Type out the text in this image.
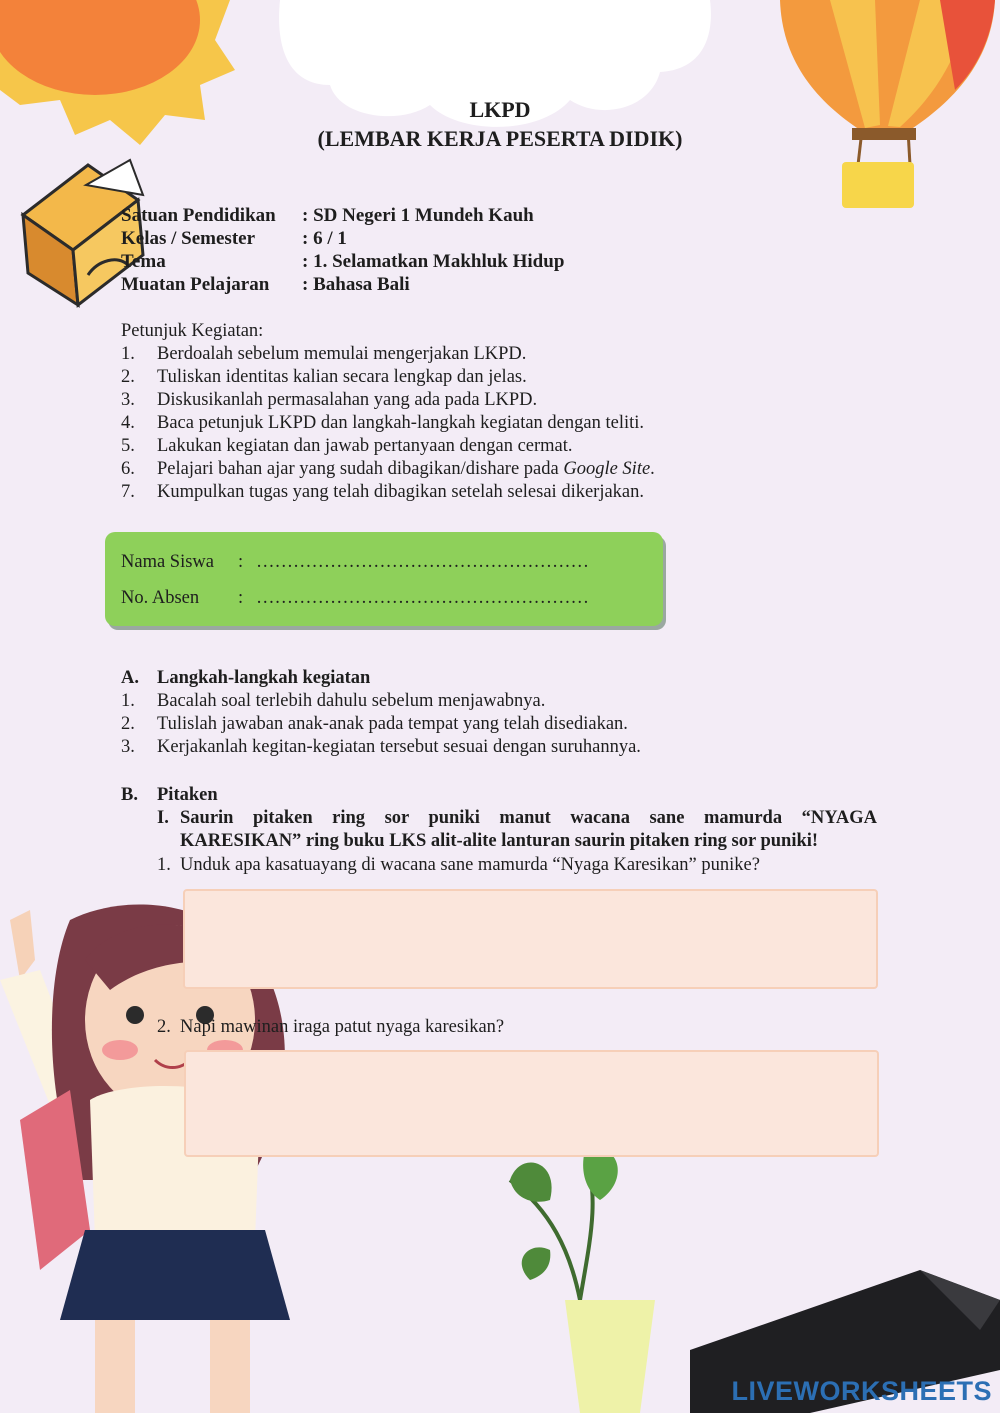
LKPD
(LEMBAR KERJA PESERTA DIDIK)
Satuan Pendidikan	: SD Negeri 1 Mundeh Kauh
Kelas / Semester	: 6 / 1
Tema	: 1. Selamatkan Makhluk Hidup
Muatan Pelajaran	: Bahasa Bali
Petunjuk Kegiatan:
1.	Berdoalah sebelum memulai mengerjakan LKPD.
2.	Tuliskan identitas kalian secara lengkap dan jelas.
3.	Diskusikanlah permasalahan yang ada pada LKPD.
4.	Baca petunjuk LKPD dan langkah-langkah kegiatan dengan teliti.
5.	Lakukan kegiatan dan jawab pertanyaan dengan cermat.
6.	Pelajari bahan ajar yang sudah dibagikan/dishare pada Google Site.
7.	Kumpulkan tugas yang telah dibagikan setelah selesai dikerjakan.
Nama Siswa : ………………………………………………
No. Absen : ………………………………………………
A. Langkah-langkah kegiatan
1.	Bacalah soal terlebih dahulu sebelum menjawabnya.
2.	Tulislah jawaban anak-anak pada tempat yang telah disediakan.
3.	Kerjakanlah kegitan-kegiatan tersebut sesuai dengan suruhannya.
B. Pitaken
I. Saurin pitaken ring sor puniki manut wacana sane mamurda “NYAGA
KARESIKAN” ring buku LKS alit-alite lanturan saurin pitaken ring sor puniki!
1. Unduk apa kasatuayang di wacana sane mamurda “Nyaga Karesikan” punike?
2. Napi mawinan iraga patut nyaga karesikan?
LIVEWORKSHEETS
